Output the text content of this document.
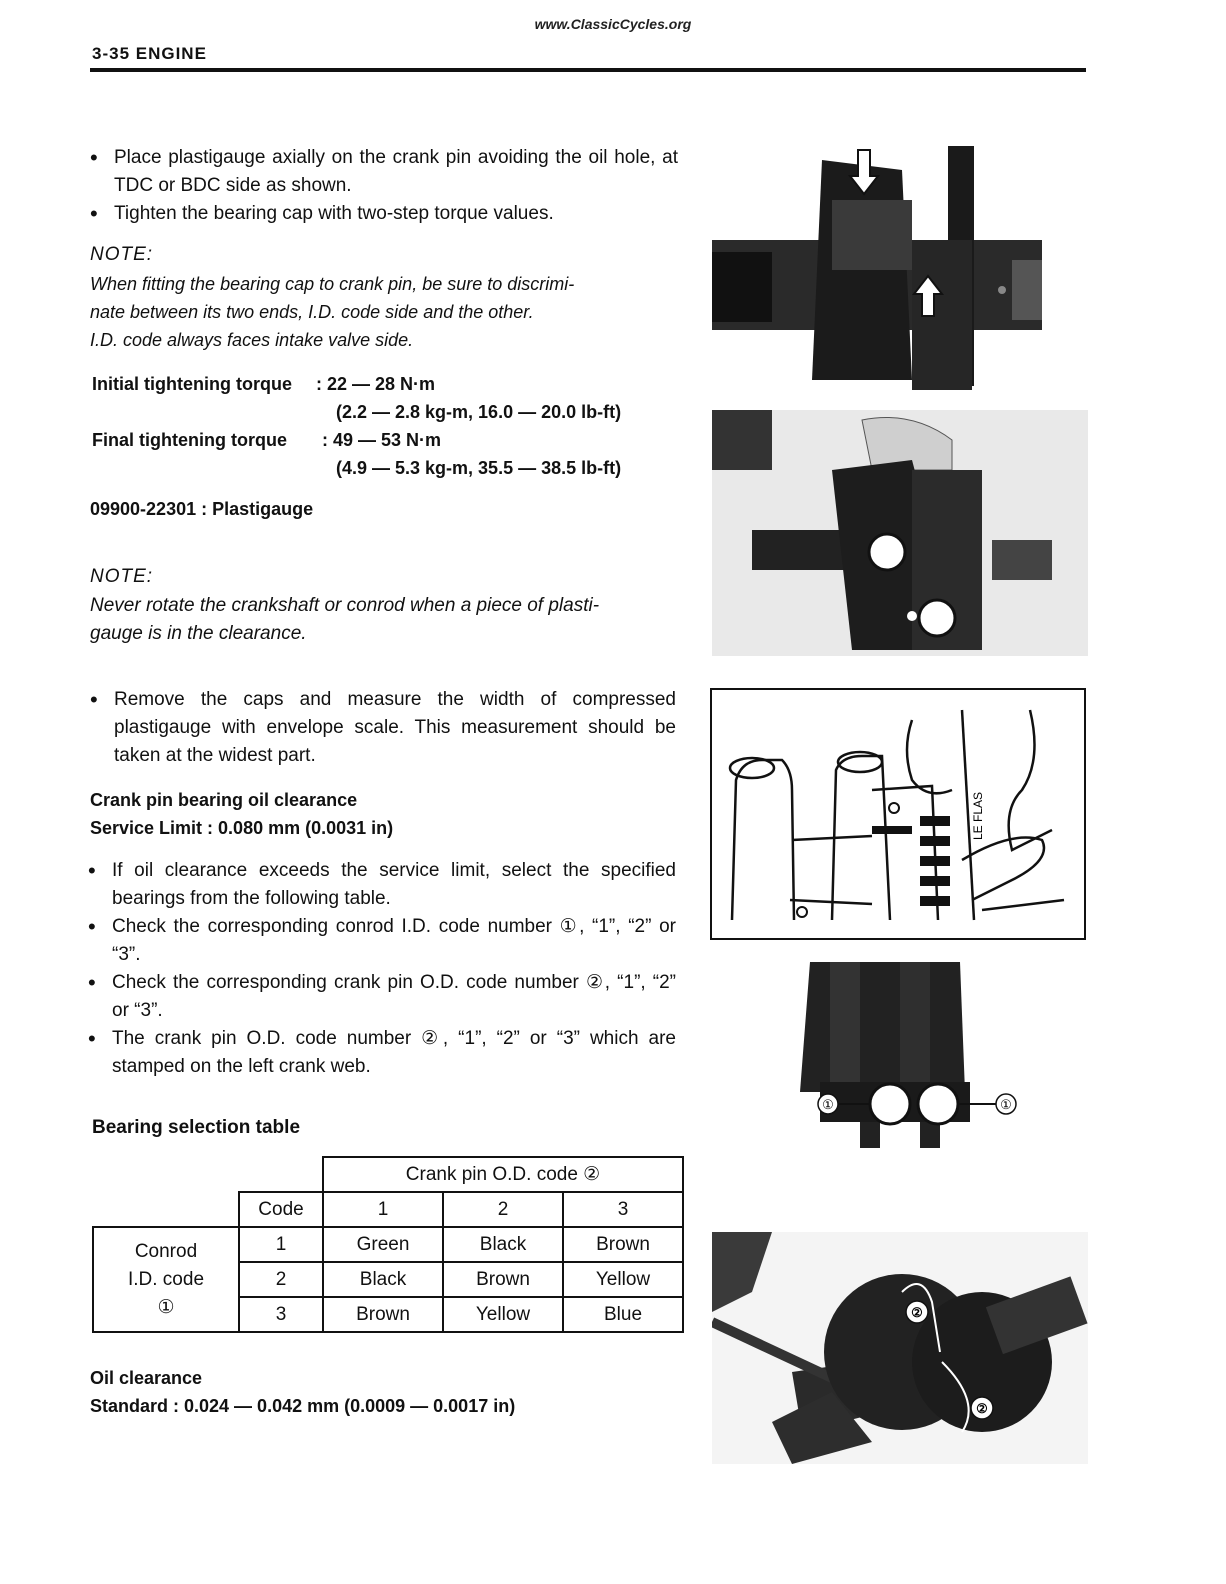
www.ClassicCycles.org
3-35 ENGINE
• Place plastigauge axially on the crank pin avoiding the oil hole, at TDC or BDC side as shown.
• Tighten the bearing cap with two-step torque values.
NOTE:
When fitting the bearing cap to crank pin, be sure to discrimi-
nate between its two ends, I.D. code side and the other.
I.D. code always faces intake valve side.
Initial tightening torque : 22 — 28 N·m
(2.2 — 2.8 kg-m, 16.0 — 20.0 lb-ft)
Final tightening torque : 49 — 53 N·m
(4.9 — 5.3 kg-m, 35.5 — 38.5 lb-ft)
09900-22301 : Plastigauge
NOTE:
Never rotate the crankshaft or conrod when a piece of plasti-
gauge is in the clearance.
• Remove the caps and measure the width of compressed plastigauge with envelope scale. This measurement should be taken at the widest part.
Crank pin bearing oil clearance
Service Limit : 0.080 mm (0.0031 in)
• If oil clearance exceeds the service limit, select the specified bearings from the following table.
• Check the corresponding conrod I.D. code number ①, “1”, “2” or “3”.
• Check the corresponding crank pin O.D. code number ②, “1”, “2” or “3”.
• The crank pin O.D. code number ②, “1”, “2” or “3” which are stamped on the left crank web.
Bearing selection table
		Crank pin O.D. code ②		
	Code	1	2	3

Conrod
I.D. code
①	1	Green	Black	Brown
	2	Black	Brown	Yellow
	3	Brown	Yellow	Blue
Oil clearance
Standard : 0.024 — 0.042 mm (0.0009 — 0.0017 in)
LE FLAS
①	①
②
②
